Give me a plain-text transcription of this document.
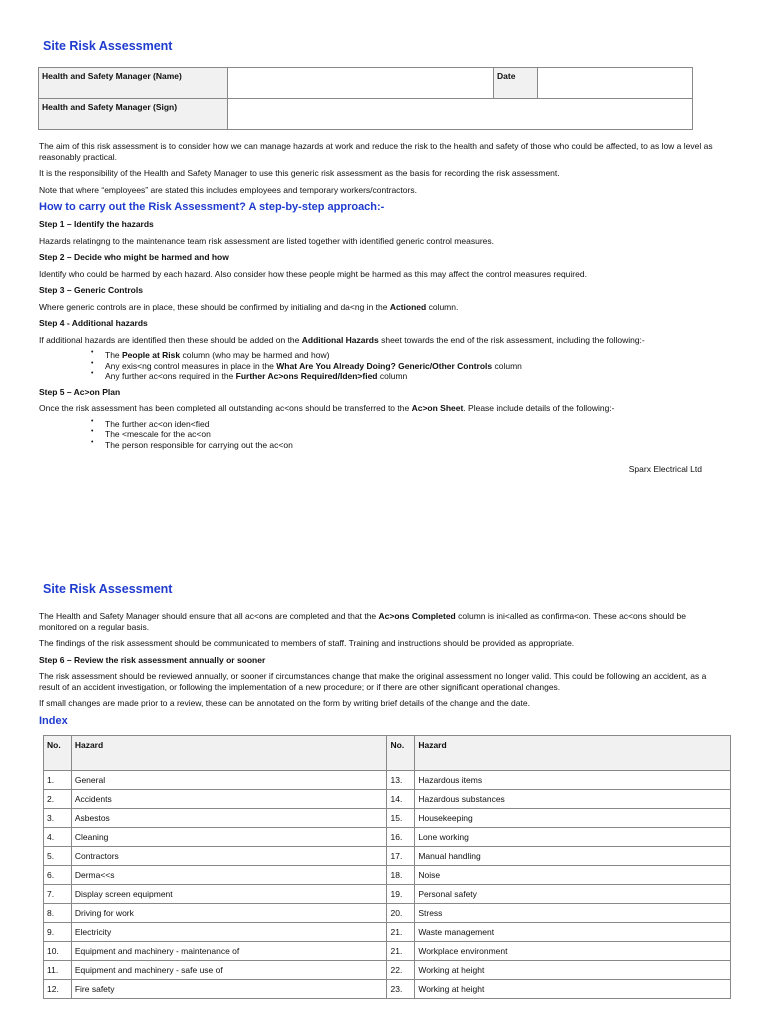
Site Risk Assessment
Health and Safety Manager (Name)		Date	
Health and Safety Manager (Sign)			

The aim of this risk assessment is to consider how we can manage hazards at work and reduce the risk to the health and safety of those who could be affected, to as low a level as reasonably practical.

It is the responsibility of the Health and Safety Manager to use this generic risk assessment as the basis for recording the risk assessment.

Note that where “employees” are stated this includes employees and temporary workers/contractors.

How to carry out the Risk Assessment? A step-by-step approach:-

Step 1 – Identify the hazards

Hazards relatingng to the maintenance team risk assessment are listed together with identified generic control measures.

Step 2 – Decide who might be harmed and how

Identify who could be harmed by each hazard. Also consider how these people might be harmed as this may affect the control measures required.

Step 3 – Generic Controls

Where generic controls are in place, these should be confirmed by initialing and da<ng in the Actioned column.

Step 4 - Additional hazards

If additional hazards are identified then these should be added on the Additional Hazards sheet towards the end of the risk assessment, including the following:-

• The People at Risk column (who may be harmed and how)
• Any exis<ng control measures in place in the What Are You Already Doing? Generic/Other Controls column
• Any further ac<ons required in the Further Ac>ons Required/Iden>fied column

Step 5 – Ac>on Plan

Once the risk assessment has been completed all outstanding ac<ons should be transferred to the Ac>on Sheet. Please include details of the following:-

• The further ac<on iden<fied
• The <mescale for the ac<on
• The person responsible for carrying out the ac<on
Sparx Electrical Ltd
Site Risk Assessment

The Health and Safety Manager should ensure that all ac<ons are completed and that the Ac>ons Completed column is ini<alled as confirma<on. These ac<ons should be monitored on a regular basis.

The findings of the risk assessment should be communicated to members of staff. Training and instructions should be provided as appropriate.

Step 6 – Review the risk assessment annually or sooner

The risk assessment should be reviewed annually, or sooner if circumstances change that make the original assessment no longer valid. This could be following an accident, as a result of an accident investigation, or following the implementation of a new procedure; or if there are other significant operational changes.

If small changes are made prior to a review, these can be annotated on the form by writing brief details of the change and the date.

Index
No.	Hazard	No.	Hazard
1.	General	13.	Hazardous items
2.	Accidents	14.	Hazardous substances
3.	Asbestos	15.	Housekeeping
4.	Cleaning	16.	Lone working
5.	Contractors	17.	Manual handling
6.	Derma<<s	18.	Noise
7.	Display screen equipment	19.	Personal safety
8.	Driving for work	20.	Stress
9.	Electricity	21.	Waste management
10.	Equipment and machinery - maintenance of	21.	Workplace environment
11.	Equipment and machinery - safe use of	22.	Working at height
12.	Fire safety	23.	Working at height
